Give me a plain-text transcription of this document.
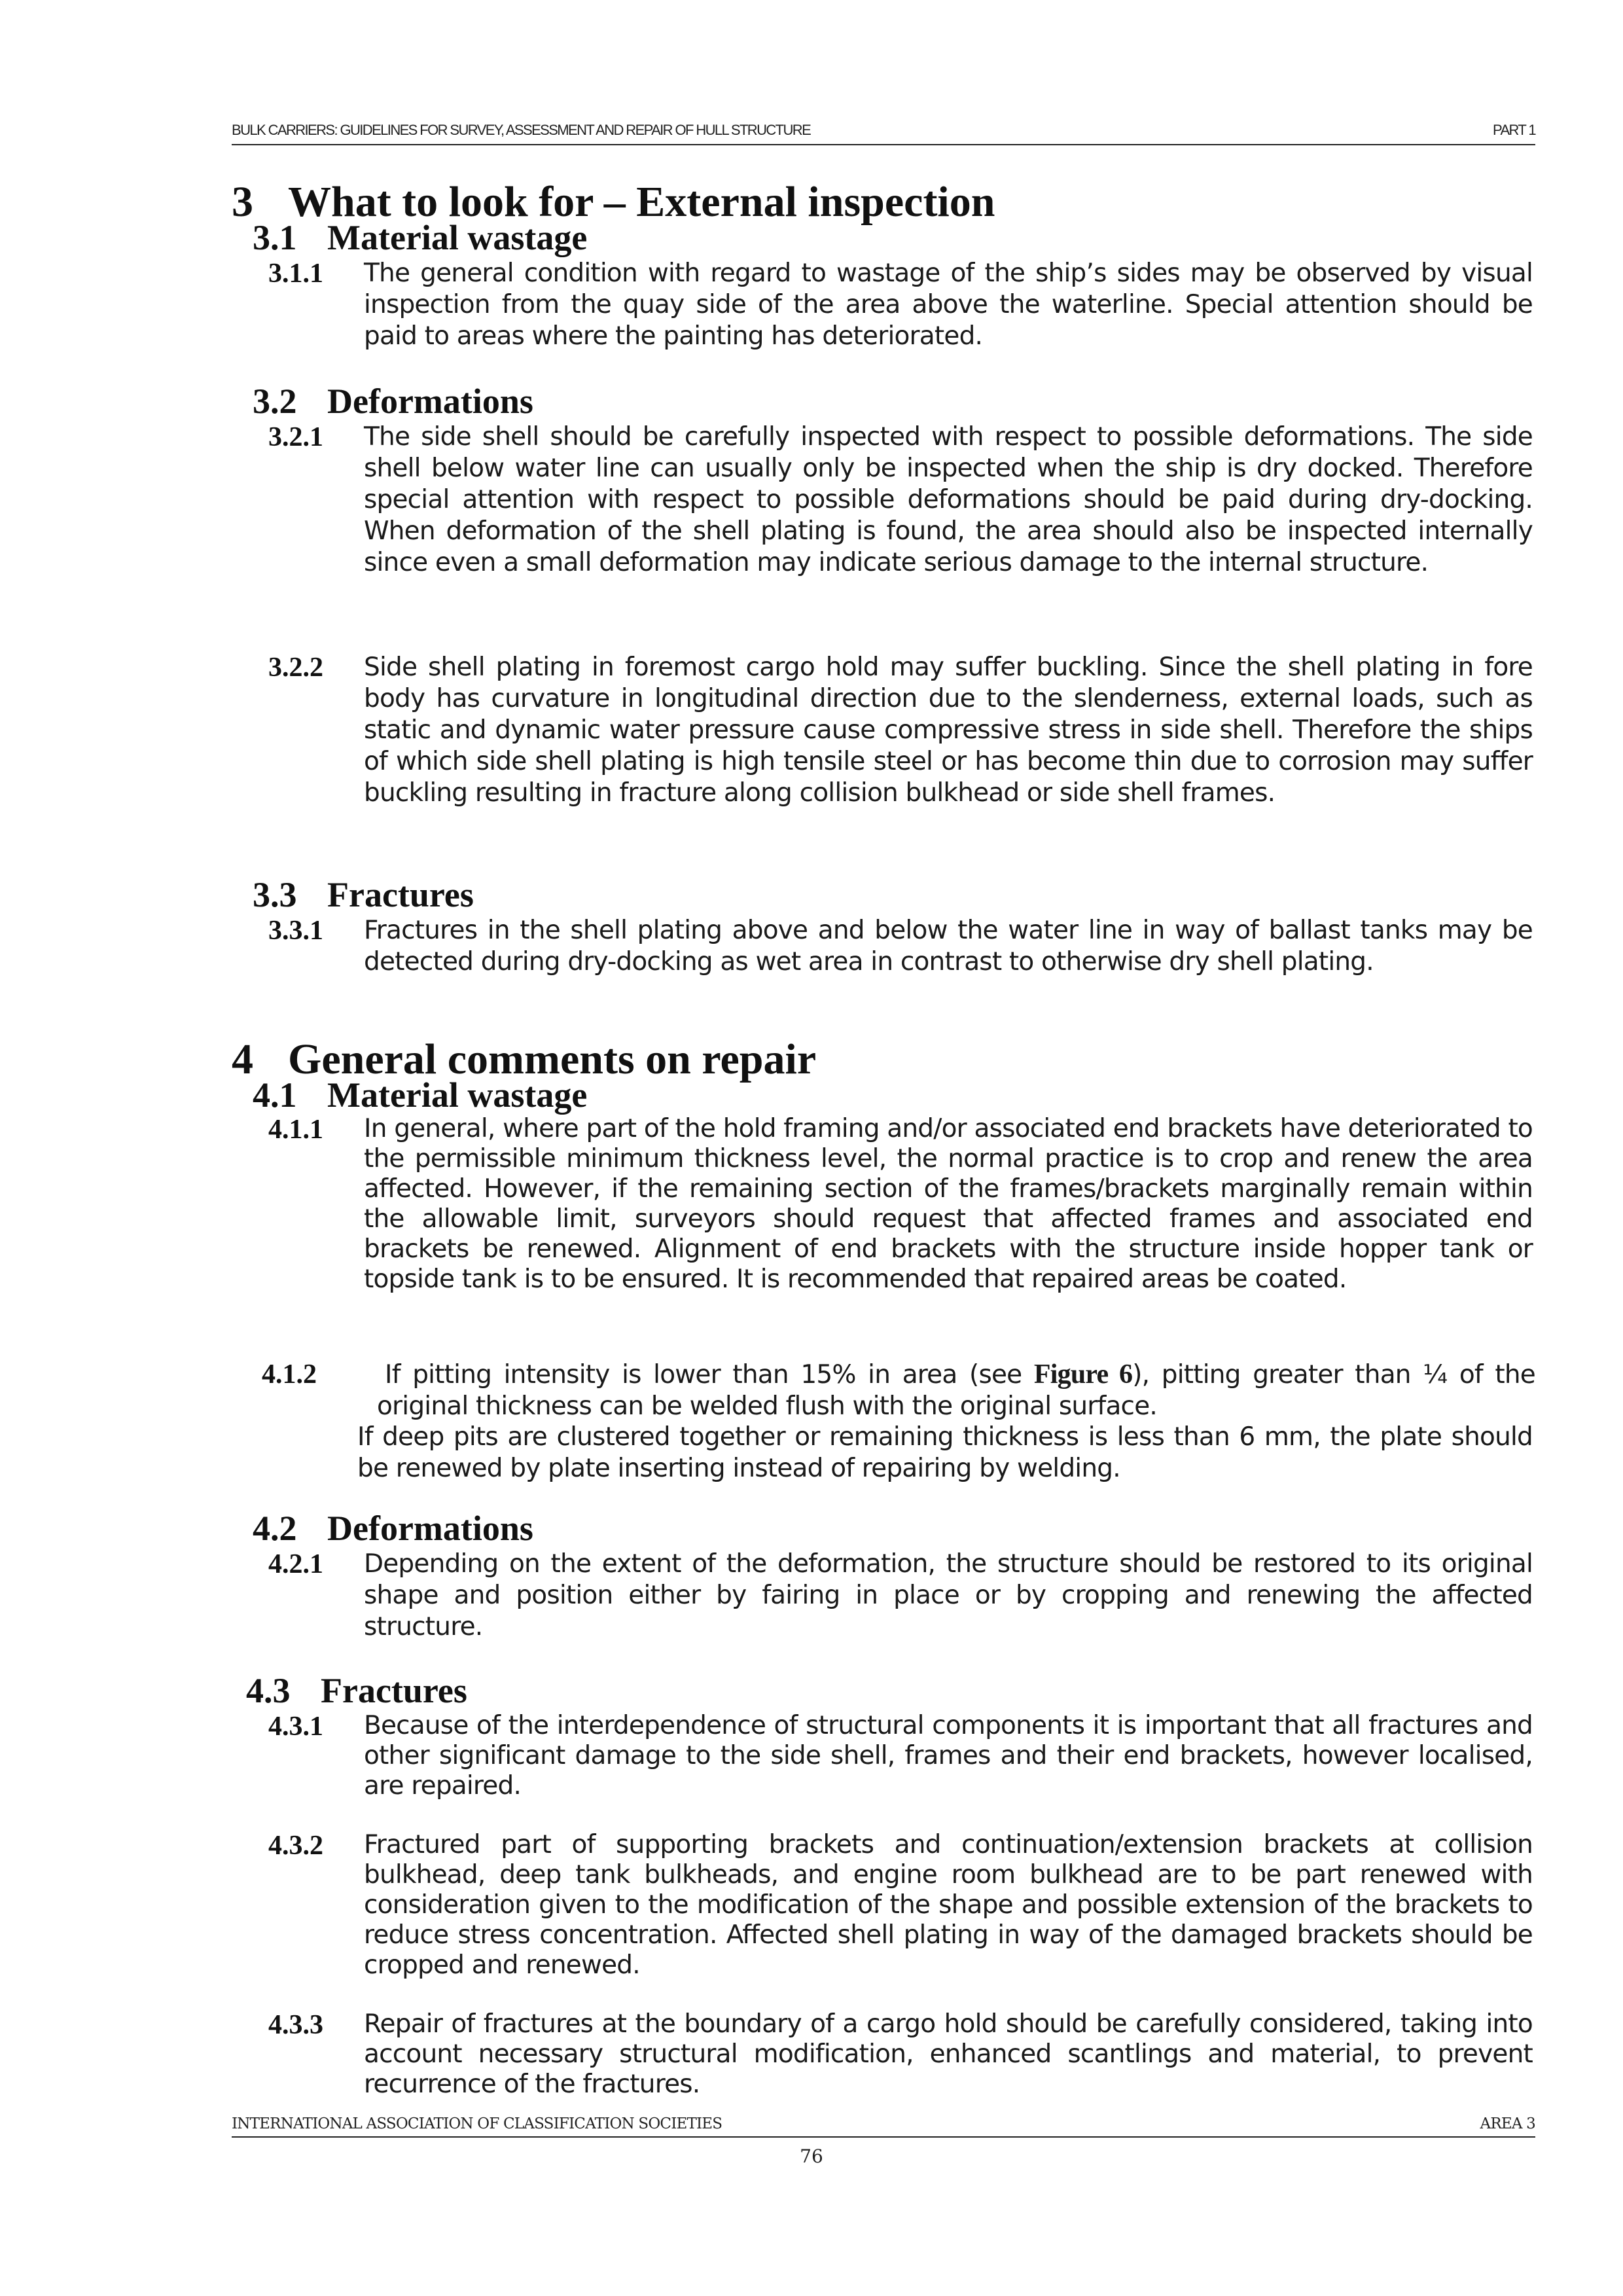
BULK CARRIERS: GUIDELINES FOR SURVEY, ASSESSMENT AND REPAIR OF HULL STRUCTURE	PART 1
3 What to look for – External inspection
3.1 Material wastage
3.1.1 The general condition with regard to wastage of the ship’s sides may be observed by visual inspection from the quay side of the area above the waterline. Special attention should be paid to areas where the painting has deteriorated.
3.2 Deformations
3.2.1 The side shell should be carefully inspected with respect to possible deformations. The side shell below water line can usually only be inspected when the ship is dry docked. Therefore special attention with respect to possible deformations should be paid during dry-docking. When deformation of the shell plating is found, the area should also be inspected internally since even a small deformation may indicate serious damage to the internal structure.
3.2.2 Side shell plating in foremost cargo hold may suffer buckling. Since the shell plating in fore body has curvature in longitudinal direction due to the slenderness, external loads, such as static and dynamic water pressure cause compressive stress in side shell. Therefore the ships of which side shell plating is high tensile steel or has become thin due to corrosion may suffer buckling resulting in fracture along collision bulkhead or side shell frames.
3.3 Fractures
3.3.1 Fractures in the shell plating above and below the water line in way of ballast tanks may be detected during dry-docking as wet area in contrast to otherwise dry shell plating.
4 General comments on repair
4.1 Material wastage
4.1.1 In general, where part of the hold framing and/or associated end brackets have deteriorated to the permissible minimum thickness level, the normal practice is to crop and renew the area affected. However, if the remaining section of the frames/brackets marginally remain within the allowable limit, surveyors should request that affected frames and associated end brackets be renewed. Alignment of end brackets with the structure inside hopper tank or topside tank is to be ensured. It is recommended that repaired areas be coated.
4.1.2	If pitting intensity is lower than 15% in area (see Figure 6), pitting greater than ¼ of the original thickness can be welded flush with the original surface.
If deep pits are clustered together or remaining thickness is less than 6 mm, the plate should be renewed by plate inserting instead of repairing by welding.
4.2 Deformations
4.2.1 Depending on the extent of the deformation, the structure should be restored to its original shape and position either by fairing in place or by cropping and renewing the affected structure.
4.3 Fractures
4.3.1 Because of the interdependence of structural components it is important that all fractures and other significant damage to the side shell, frames and their end brackets, however localised, are repaired.
4.3.2 Fractured part of supporting brackets and continuation/extension brackets at collision bulkhead, deep tank bulkheads, and engine room bulkhead are to be part renewed with consideration given to the modification of the shape and possible extension of the brackets to reduce stress concentration. Affected shell plating in way of the damaged brackets should be cropped and renewed.
4.3.3 Repair of fractures at the boundary of a cargo hold should be carefully considered, taking into account necessary structural modification, enhanced scantlings and material, to prevent recurrence of the fractures.
INTERNATIONAL ASSOCIATION OF CLASSIFICATION SOCIETIES	AREA 3
76
